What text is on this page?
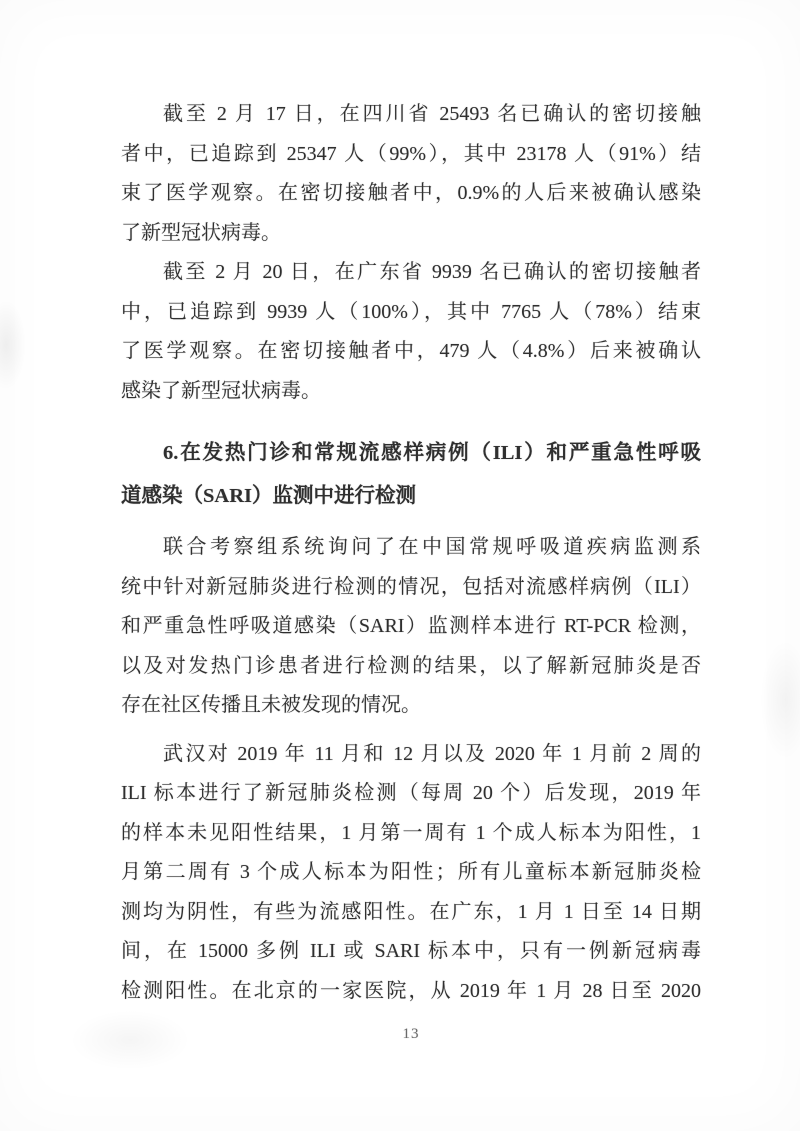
截至 2 月 17 日，在四川省 25493 名已确认的密切接触
者中，已追踪到 25347 人（99%），其中 23178 人（91%）结
束了医学观察。在密切接触者中，0.9%的人后来被确认感染
了新型冠状病毒。
截至 2 月 20 日，在广东省 9939 名已确认的密切接触者
中，已追踪到 9939 人（100%），其中 7765 人（78%）结束
了医学观察。在密切接触者中，479 人（4.8%）后来被确认
感染了新型冠状病毒。
6.在发热门诊和常规流感样病例（ILI）和严重急性呼吸
道感染（SARI）监测中进行检测
联合考察组系统询问了在中国常规呼吸道疾病监测系
统中针对新冠肺炎进行检测的情况，包括对流感样病例（ILI）
和严重急性呼吸道感染（SARI）监测样本进行 RT-PCR 检测，
以及对发热门诊患者进行检测的结果，以了解新冠肺炎是否
存在社区传播且未被发现的情况。
武汉对 2019 年 11 月和 12 月以及 2020 年 1 月前 2 周的
ILI 标本进行了新冠肺炎检测（每周 20 个）后发现，2019 年
的样本未见阳性结果，1 月第一周有 1 个成人标本为阳性，1
月第二周有 3 个成人标本为阳性；所有儿童标本新冠肺炎检
测均为阴性，有些为流感阳性。在广东，1 月 1 日至 14 日期
间，在 15000 多例 ILI 或 SARI 标本中，只有一例新冠病毒
检测阳性。在北京的一家医院，从 2019 年 1 月 28 日至 2020
13
